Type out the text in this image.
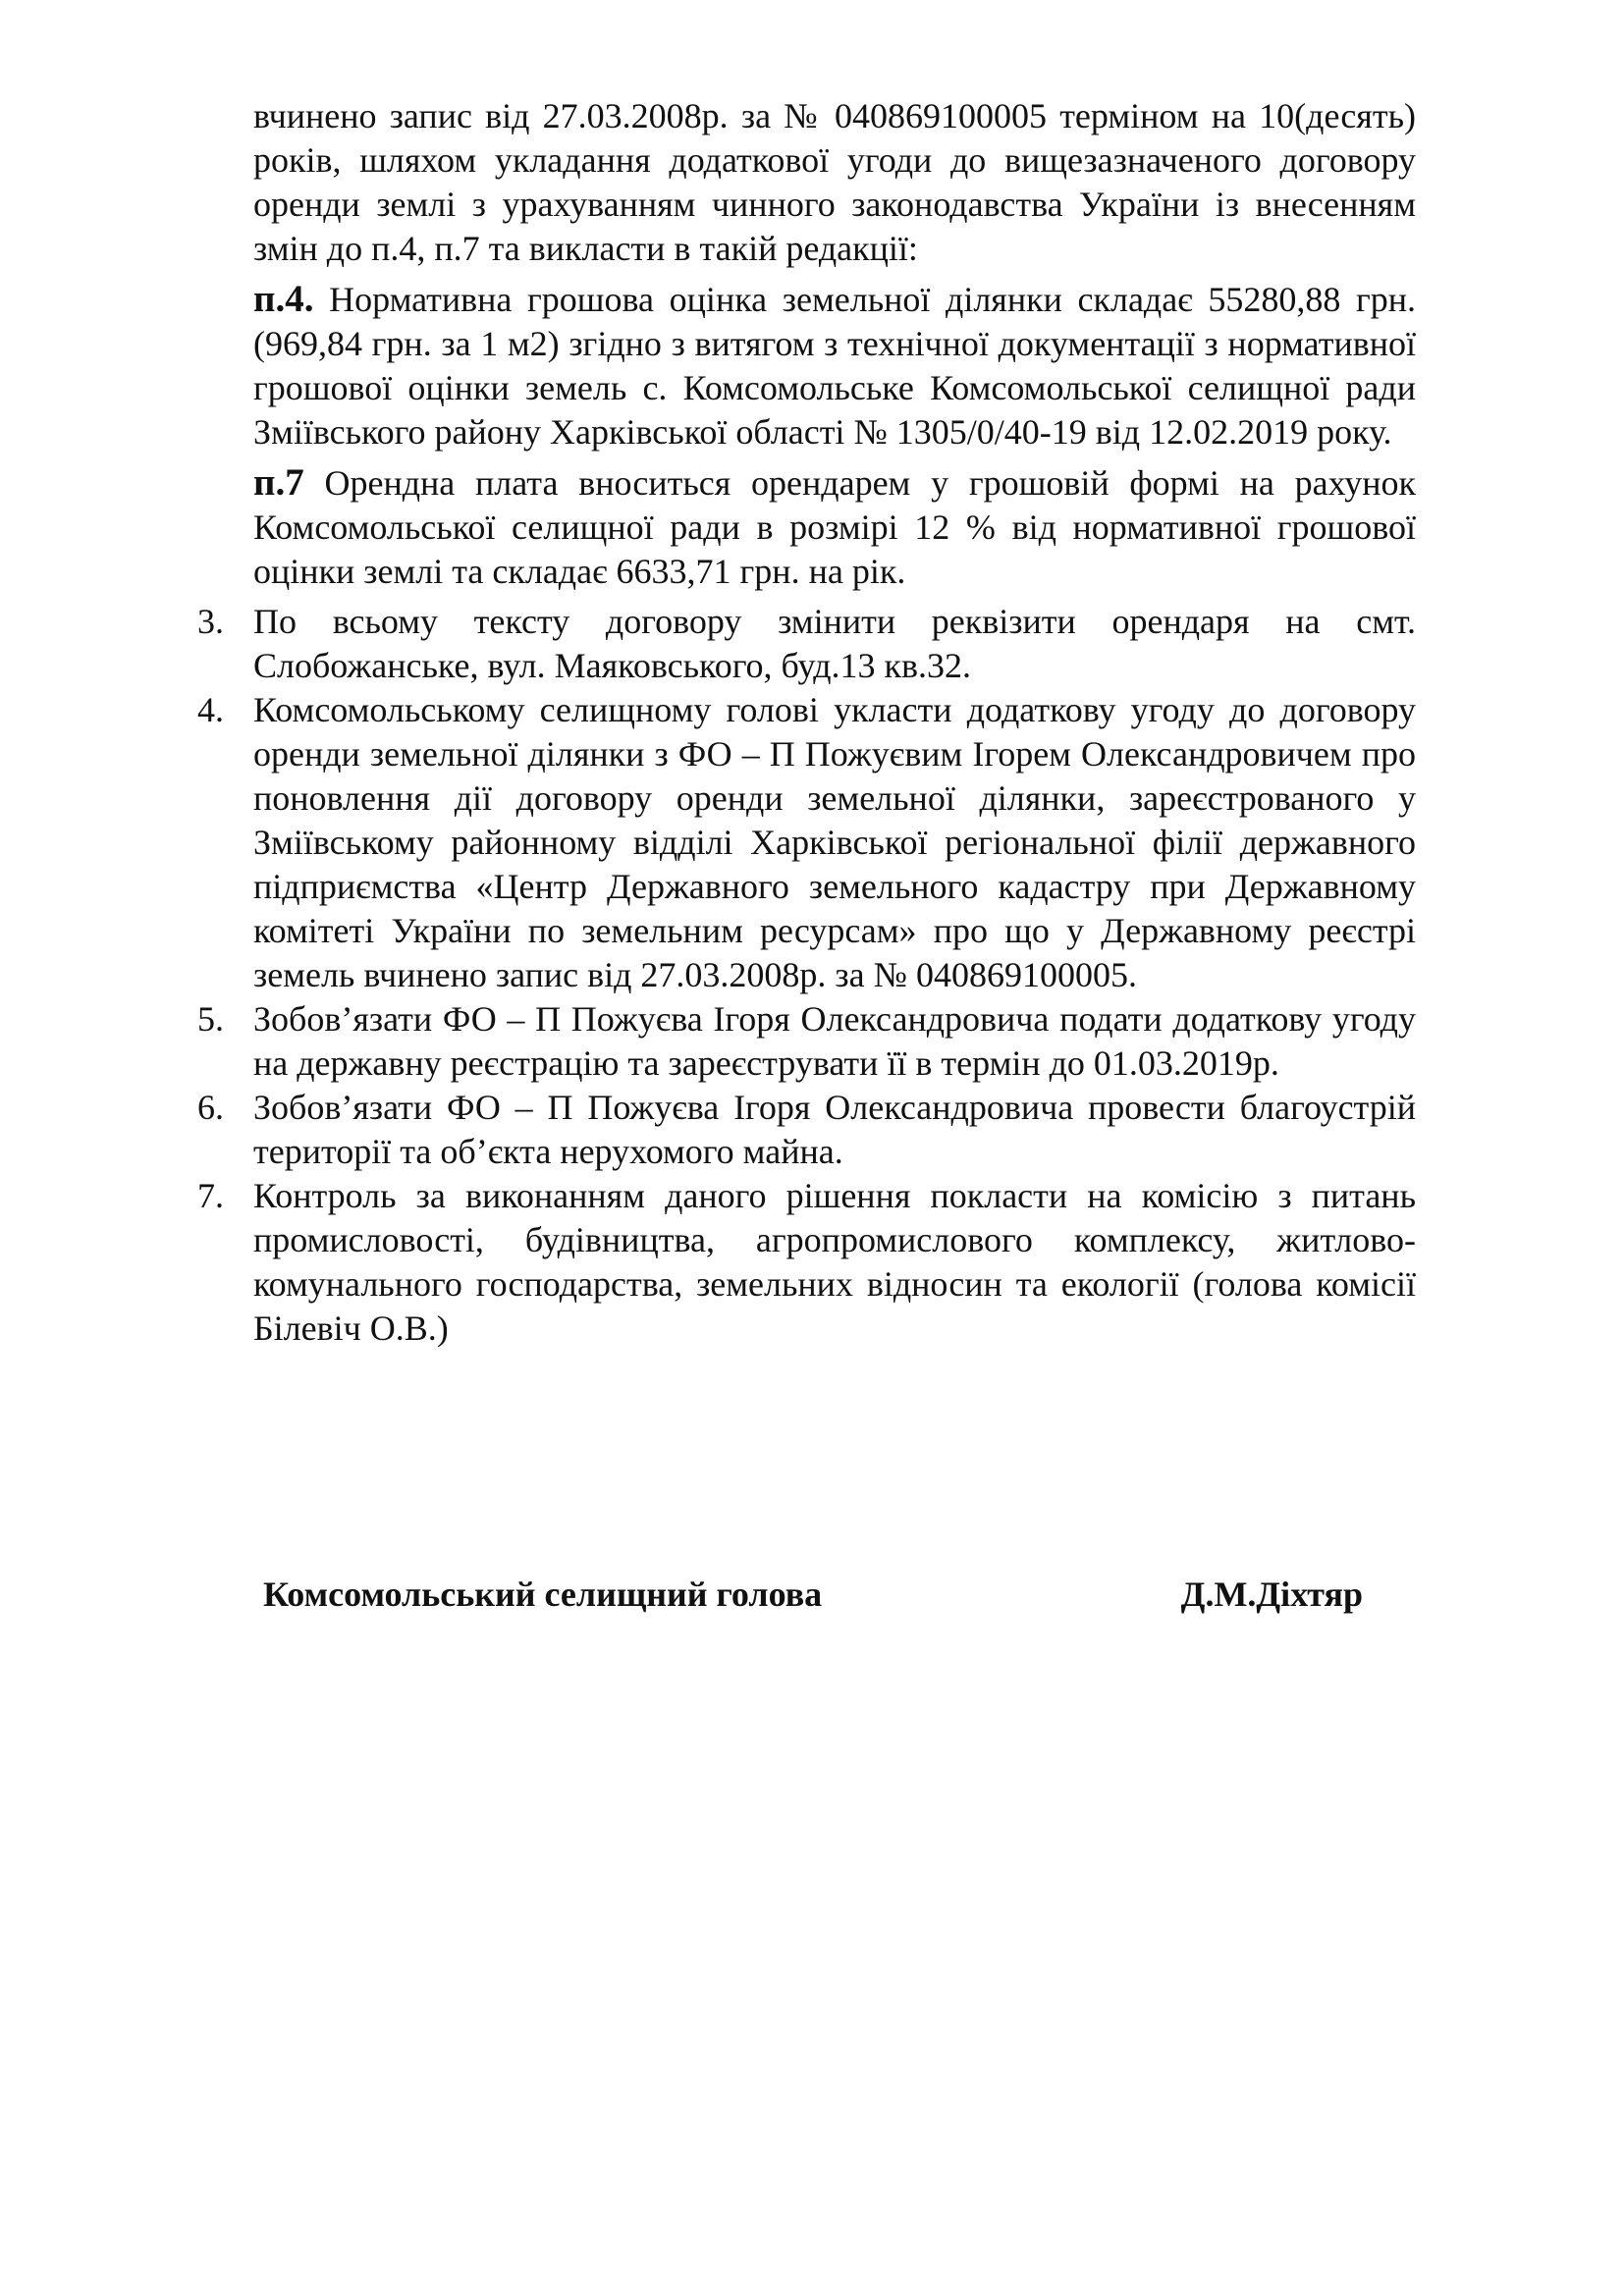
вчинено запис від 27.03.2008р. за № 040869100005 терміном на 10(десять) років, шляхом укладання додаткової угоди до вищезазначеного договору оренди землі з урахуванням чинного законодавства України із внесенням змін до п.4, п.7 та викласти в такій редакції:

п.4. Нормативна грошова оцінка земельної ділянки складає 55280,88 грн. (969,84 грн. за 1 м2) згідно з витягом з технічної документації з нормативної грошової оцінки земель с. Комсомольське Комсомольської селищної ради Зміївського району Харківської області № 1305/0/40-19 від 12.02.2019 року.

п.7 Орендна плата вноситься орендарем у грошовій формі на рахунок Комсомольської селищної ради в розмірі 12 % від нормативної грошової оцінки землі та складає 6633,71 грн. на рік.

3. По всьому тексту договору змінити реквізити орендаря на смт. Слобожанське, вул. Маяковського, буд.13 кв.32.
4. Комсомольському селищному голові укласти додаткову угоду до договору оренди земельної ділянки з ФО – П Пожуєвим Ігорем Олександровичем про поновлення дії договору оренди земельної ділянки, зареєстрованого у Зміївському районному відділі Харківської регіональної філії державного підприємства «Центр Державного земельного кадастру при Державному комітеті України по земельним ресурсам» про що у Державному реєстрі земель вчинено запис від 27.03.2008р. за № 040869100005.
5. Зобов’язати ФО – П Пожуєва Ігоря Олександровича подати додаткову угоду на державну реєстрацію та зареєструвати її в термін до 01.03.2019р.
6. Зобов’язати ФО – П Пожуєва Ігоря Олександровича провести благоустрій території та об’єкта нерухомого майна.
7. Контроль за виконанням даного рішення покласти на комісію з питань промисловості, будівництва, агропромислового комплексу, житлово-комунального господарства, земельних відносин та екології (голова комісії Білевіч О.В.)
Комсомольський селищний голова	Д.М.Діхтяр
